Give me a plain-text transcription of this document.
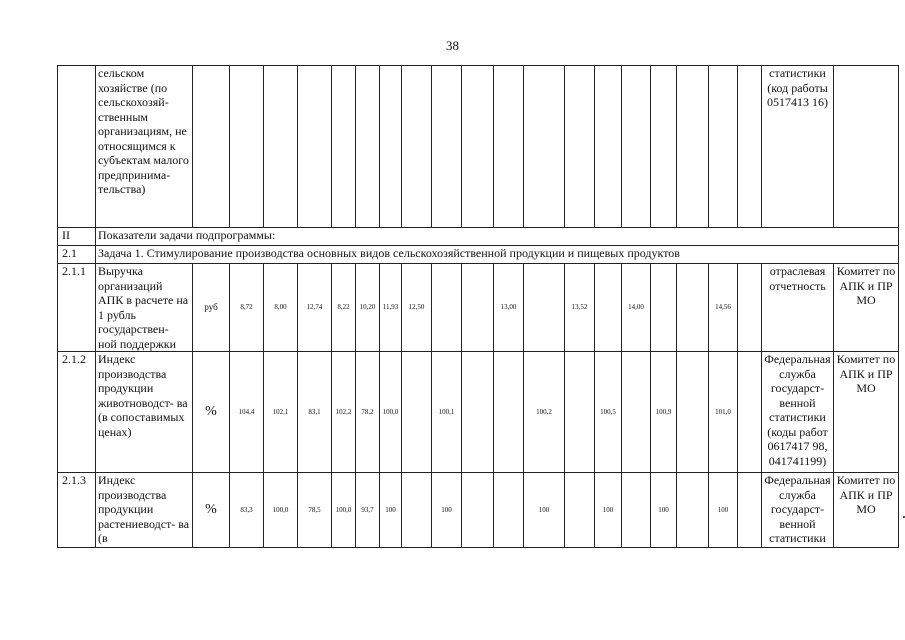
38
	сельском хозяйстве (по сельскохозяй- ственным организациям, не относящимся к субъектам малого предпринима- тельства)																				статистики (код работы 0517413 16)	
II	Показатели задачи подпрограммы:																					
2.1	Задача 1. Стимулирование производства основных видов сельскохозяйственной продукции и пищевых продуктов																					
2.1.1	Выручка организаций АПК в расчете на 1 рубль государствен- ной поддержки	руб	8,72	8,00	12,74	8,22	10,20	11,93	12,50			13,00		13,52		14,00			14,56		отраслевая отчетность	Комитет по АПК и ПР МО
2.1.2	Индекс производства продукции животноводст- ва (в сопоставимых ценах)	%	104,4	102,1	83,1	102,2	78,2	100,0		100,1			100,2		100,5		100,9		101,0		Федеральная служба государст- венной статистики (коды работ 0617417 98, 041741199)	Комитет по АПК и ПР МО
2.1.3	Индекс производства продукции растениеводст- ва (в	%	83,3	100,0	78,5	100,0	93,7	100		100			100		100		100		100		Федеральная служба государст- венной статистики	Комитет по АПК и ПР МО
